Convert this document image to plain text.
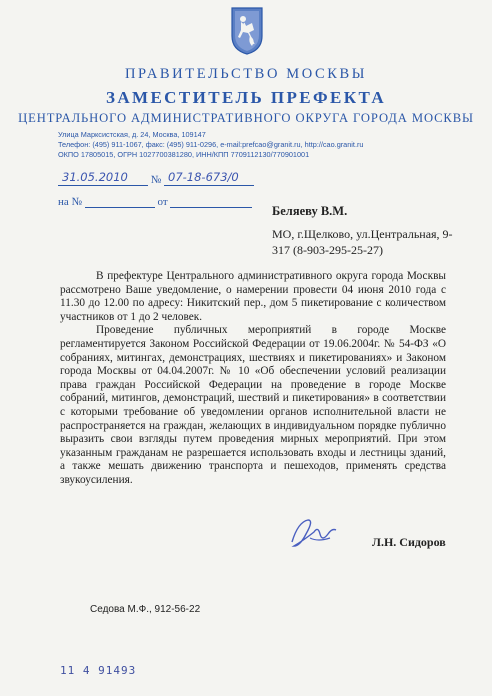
ПРАВИТЕЛЬСТВО МОСКВЫ
ЗАМЕСТИТЕЛЬ ПРЕФЕКТА
ЦЕНТРАЛЬНОГО АДМИНИСТРАТИВНОГО ОКРУГА ГОРОДА МОСКВЫ
Улица Марксистская, д. 24, Москва, 109147
Телефон: (495) 911-1067, факс: (495) 911-0296, e-mail:prefcao@granit.ru, http://cao.granit.ru
ОКПО 17805015, ОГРН 1027700381280, ИНН/КПП 7709112130/770901001
31.05.2010 № 07-18-673/0
на №	от
Беляеву В.М.
МО, г.Щелково, ул.Центральная, 9-317 (8-903-295-25-27)

В префектуре Центрального административного округа города Москвы рассмотрено Ваше уведомление, о намерении провести 04 июня 2010 года с 11.30 до 12.00 по адресу: Никитский пер., дом 5 пикетирование с количеством участников от 1 до 2 человек.

Проведение публичных мероприятий в городе Москве регламентируется Законом Российской Федерации от 19.06.2004г. № 54-ФЗ «О собраниях, митингах, демонстрациях, шествиях и пикетированиях» и Законом города Москвы от 04.04.2007г. № 10 «Об обеспечении условий реализации права граждан Российской Федерации на проведение в городе Москве собраний, митингов, демонстраций, шествий и пикетирования» в соответствии с которыми требование об уведомлении органов исполнительной власти не распространяется на граждан, желающих в индивидуальном порядке публично выразить свои взгляды путем проведения мирных мероприятий. При этом указанным гражданам не разрешается использовать входы и лестницы зданий, а также мешать движению транспорта и пешеходов, применять средства звукоусиления.

Л.Н. Сидоров
Седова М.Ф., 912-56-22
11 4 91493
